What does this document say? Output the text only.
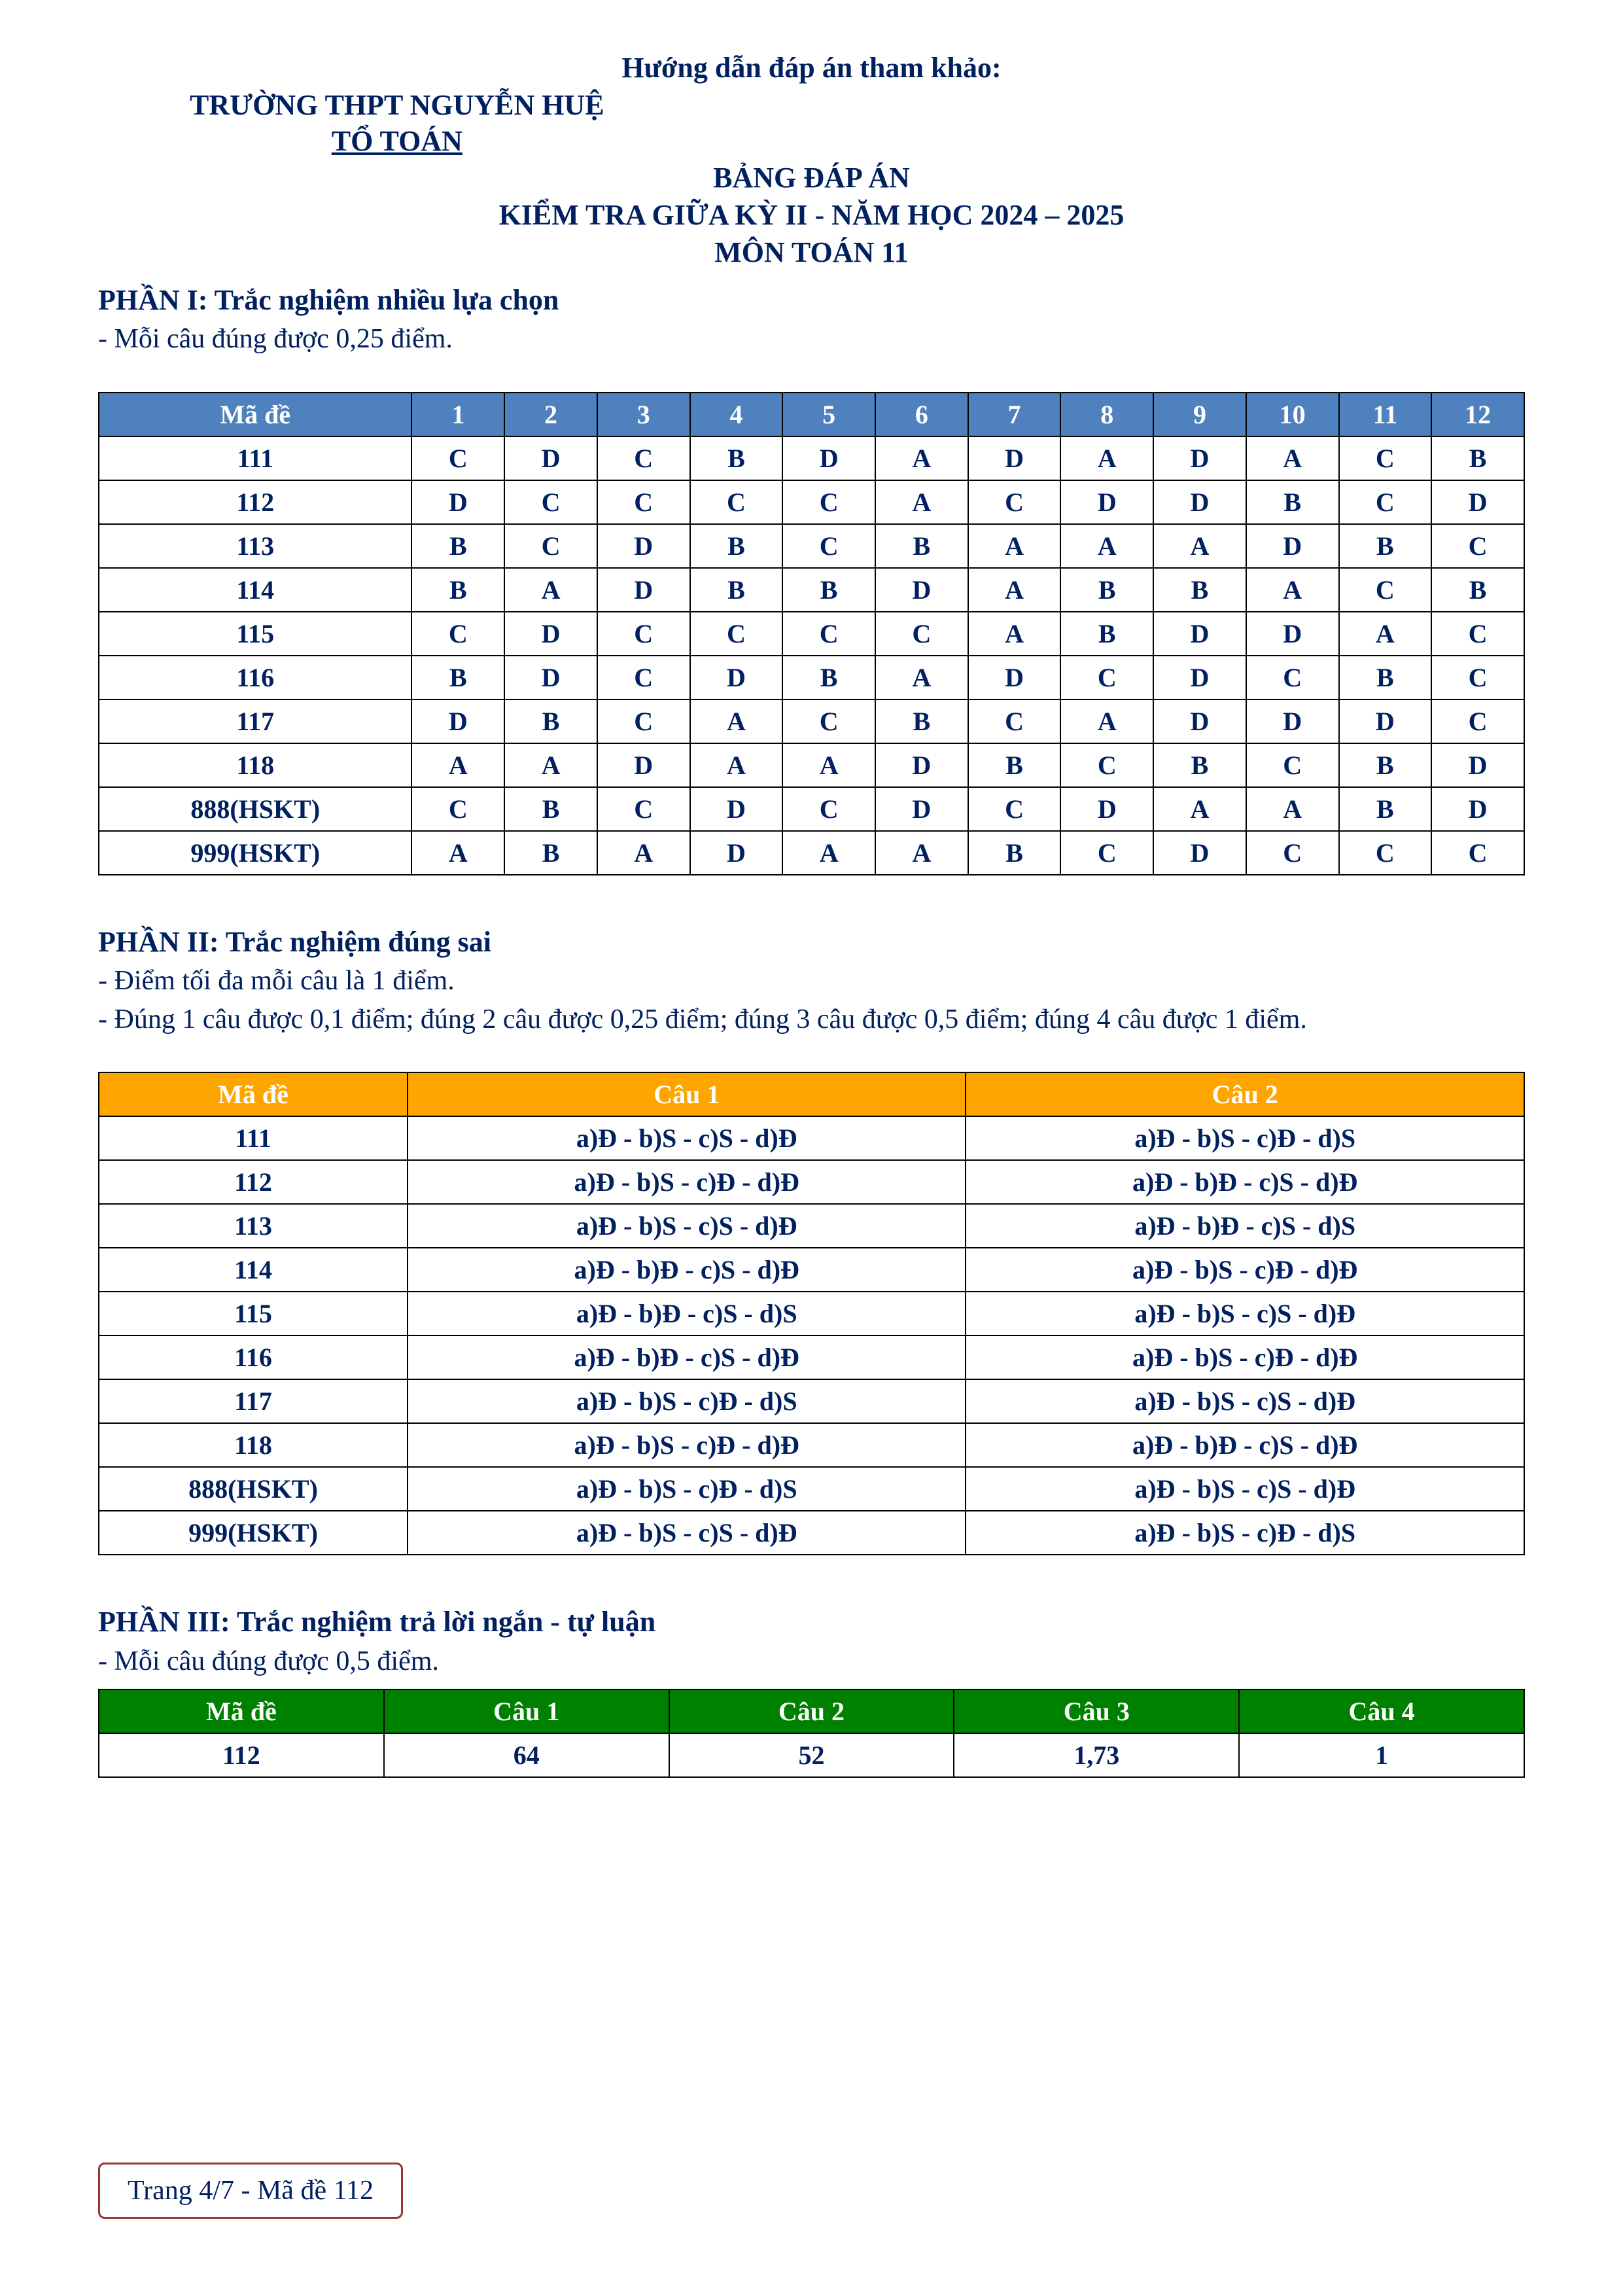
Hướng dẫn đáp án tham khảo:
TRƯỜNG THPT NGUYỄN HUỆ
TỔ TOÁN
BẢNG ĐÁP ÁN
KIỂM TRA GIỮA KỲ II - NĂM HỌC 2024 – 2025
MÔN TOÁN 11
PHẦN I: Trắc nghiệm nhiều lựa chọn
- Mỗi câu đúng được 0,25 điểm.
Mã đề	1	2	3	4	5	6	7	8	9	10	11	12
111	C	D	C	B	D	A	D	A	D	A	C	B
112	D	C	C	C	C	A	C	D	D	B	C	D
113	B	C	D	B	C	B	A	A	A	D	B	C
114	B	A	D	B	B	D	A	B	B	A	C	B
115	C	D	C	C	C	C	A	B	D	D	A	C
116	B	D	C	D	B	A	D	C	D	C	B	C
117	D	B	C	A	C	B	C	A	D	D	D	C
118	A	A	D	A	A	D	B	C	B	C	B	D
888(HSKT)	C	B	C	D	C	D	C	D	A	A	B	D
999(HSKT)	A	B	A	D	A	A	B	C	D	C	C	C
PHẦN II: Trắc nghiệm đúng sai
- Điểm tối đa mỗi câu là 1 điểm.
- Đúng 1 câu được 0,1 điểm; đúng 2 câu được 0,25 điểm; đúng 3 câu được 0,5 điểm; đúng 4 câu được 1 điểm.
Mã đề	Câu 1	Câu 2
111	a)Đ - b)S - c)S - d)Đ	a)Đ - b)S - c)Đ - d)S
112	a)Đ - b)S - c)Đ - d)Đ	a)Đ - b)Đ - c)S - d)Đ
113	a)Đ - b)S - c)S - d)Đ	a)Đ - b)Đ - c)S - d)S
114	a)Đ - b)Đ - c)S - d)Đ	a)Đ - b)S - c)Đ - d)Đ
115	a)Đ - b)Đ - c)S - d)S	a)Đ - b)S - c)S - d)Đ
116	a)Đ - b)Đ - c)S - d)Đ	a)Đ - b)S - c)Đ - d)Đ
117	a)Đ - b)S - c)Đ - d)S	a)Đ - b)S - c)S - d)Đ
118	a)Đ - b)S - c)Đ - d)Đ	a)Đ - b)Đ - c)S - d)Đ
888(HSKT)	a)Đ - b)S - c)Đ - d)S	a)Đ - b)S - c)S - d)Đ
999(HSKT)	a)Đ - b)S - c)S - d)Đ	a)Đ - b)S - c)Đ - d)S
PHẦN III: Trắc nghiệm trả lời ngắn - tự luận
- Mỗi câu đúng được 0,5 điểm.
Mã đề	Câu 1	Câu 2	Câu 3	Câu 4
112	64	52	1,73	1
Trang 4/7 - Mã đề 112
